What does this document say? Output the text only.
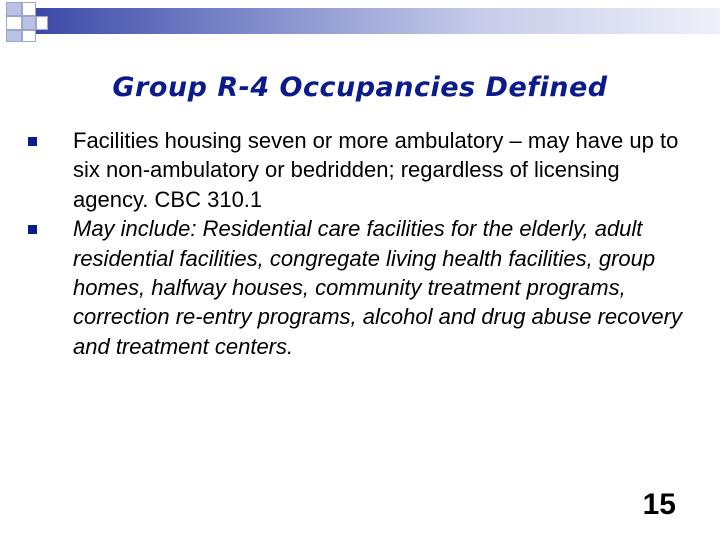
Group R-4 Occupancies Defined
Facilities housing seven or more ambulatory – may have up to six non-ambulatory or bedridden; regardless of licensing agency. CBC 310.1
May include: Residential care facilities for the elderly, adult residential facilities, congregate living health facilities, group homes, halfway houses, community treatment programs, correction re-entry programs, alcohol and drug abuse recovery and treatment centers.
15
